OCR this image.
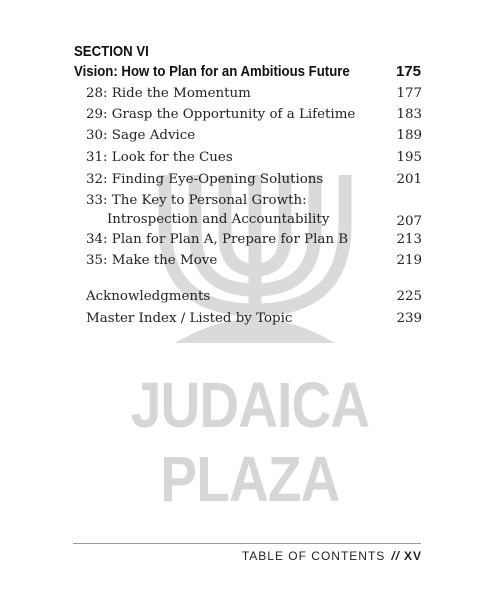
JUDAICA PLAZA
SECTION VI
Vision: How to Plan for an Ambitious Future	175
28: Ride the Momentum	177
29: Grasp the Opportunity of a Lifetime	183
30: Sage Advice	189
31: Look for the Cues	195
32: Finding Eye-Opening Solutions	201
33: The Key to Personal Growth:
Introspection and Accountability	207
34: Plan for Plan A, Prepare for Plan B	213
35: Make the Move	219
Acknowledgments	225
Master Index / Listed by Topic	239
TABLE OF CONTENTS // XV
